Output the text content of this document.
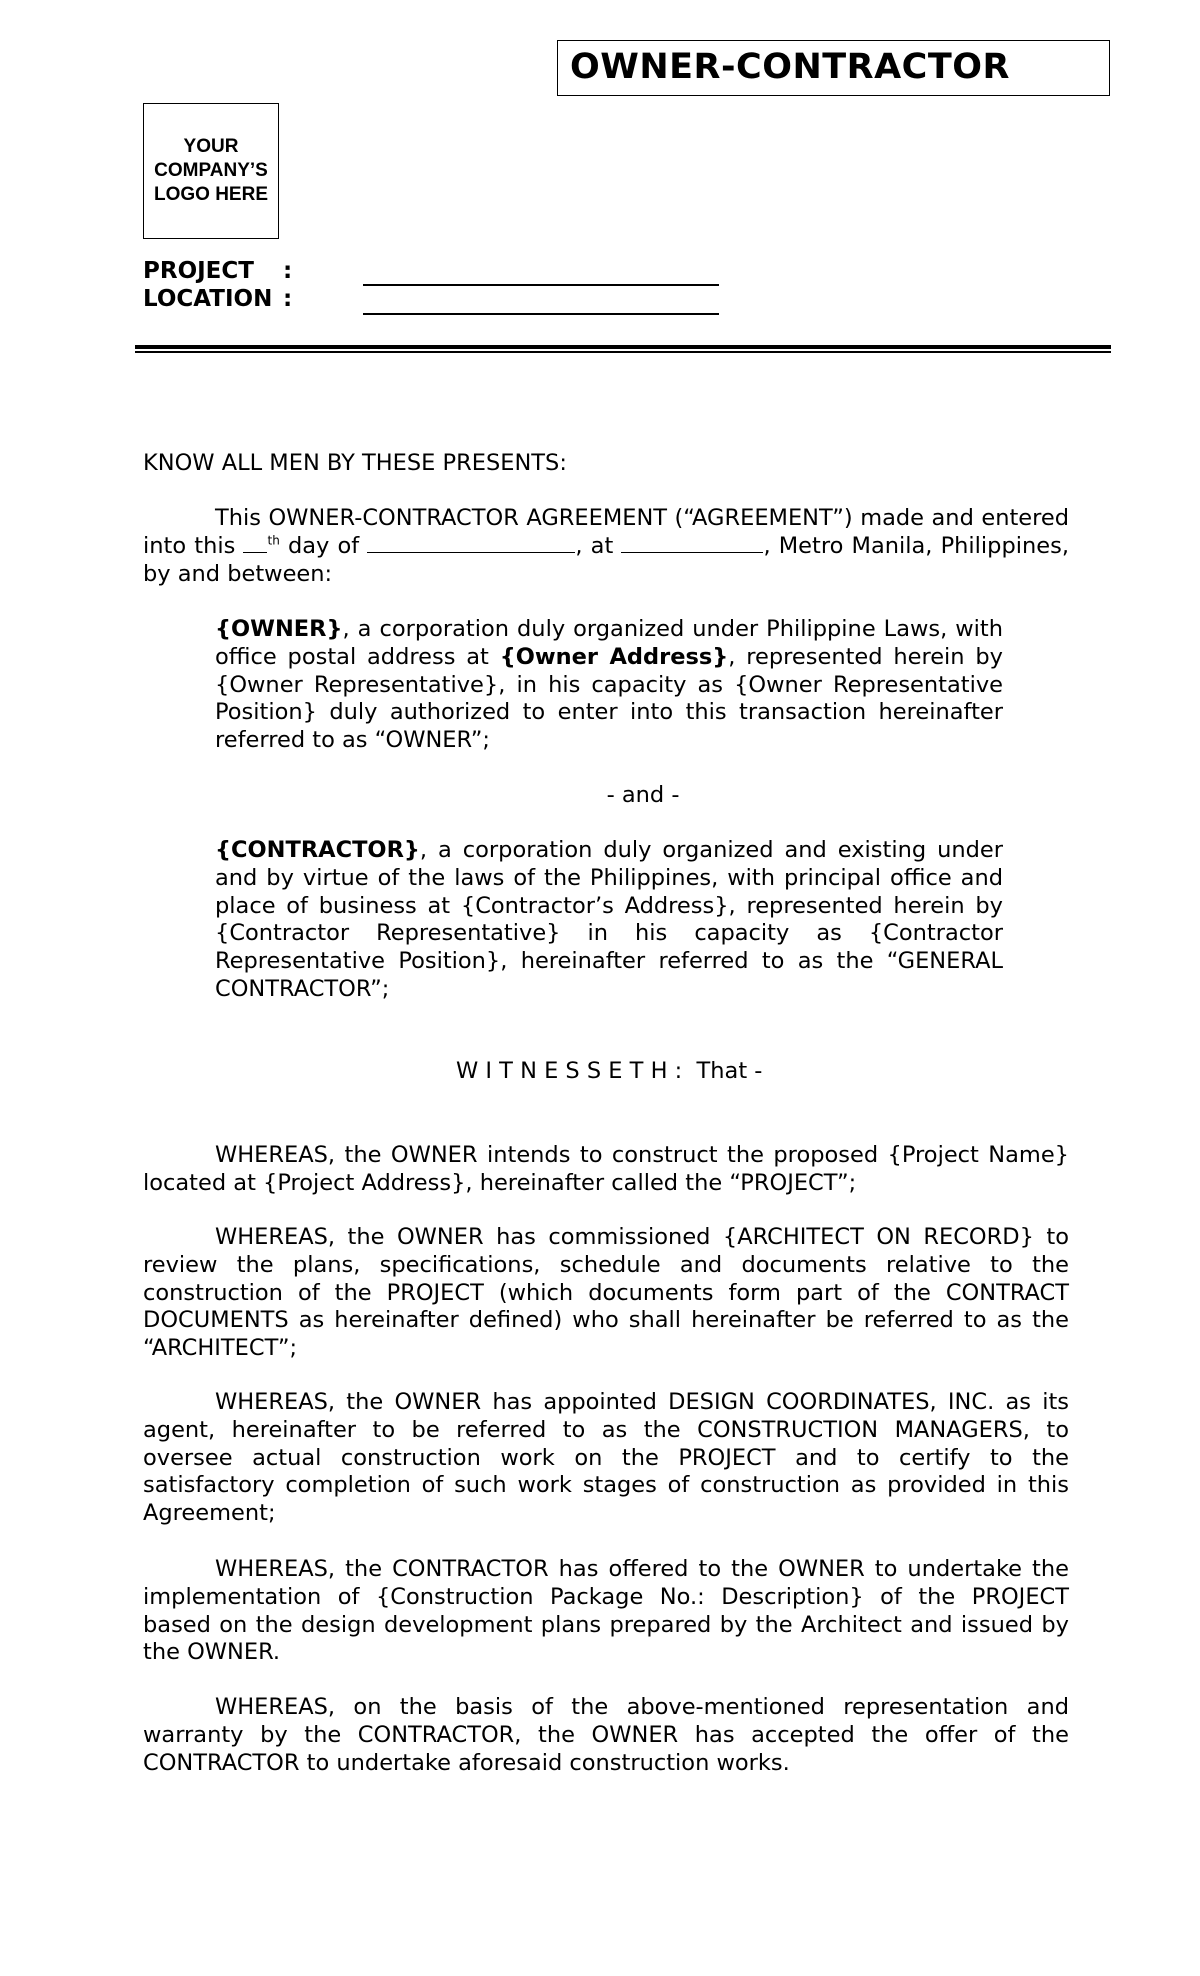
OWNER-CONTRACTOR
YOUR
COMPANY’S
LOGO HERE
PROJECT :
LOCATION :
KNOW ALL MEN BY THESE PRESENTS:
This OWNER-CONTRACTOR AGREEMENT (“AGREEMENT”) made and entered into this $^{th}$ day of	, at	, Metro Manila, Philippines, by and between:
{OWNER}, a corporation duly organized under Philippine Laws, with office postal address at {Owner Address}, represented herein by {Owner Representative}, in his capacity as {Owner Representative Position} duly authorized to enter into this transaction hereinafter referred to as “OWNER”;
- and -
{CONTRACTOR}, a corporation duly organized and existing under and by virtue of the laws of the Philippines, with principal office and place of business at {Contractor’s Address}, represented herein by {Contractor Representative} in his capacity as {Contractor Representative Position}, hereinafter referred to as the “GENERAL CONTRACTOR”;
W I T N E S S E T H :  That -
WHEREAS, the OWNER intends to construct the proposed {Project Name} located at {Project Address}, hereinafter called the “PROJECT”;
WHEREAS, the OWNER has commissioned {ARCHITECT ON RECORD} to review the plans, specifications, schedule and documents relative to the construction of the PROJECT (which documents form part of the CONTRACT DOCUMENTS as hereinafter defined) who shall hereinafter be referred to as the “ARCHITECT”;
WHEREAS, the OWNER has appointed DESIGN COORDINATES, INC. as its agent, hereinafter to be referred to as the CONSTRUCTION MANAGERS, to oversee actual construction work on the PROJECT and to certify to the satisfactory completion of such work stages of construction as provided in this Agreement;
WHEREAS, the CONTRACTOR has offered to the OWNER to undertake the implementation of {Construction Package No.: Description} of the PROJECT based on the design development plans prepared by the Architect and issued by the OWNER.
WHEREAS, on the basis of the above-mentioned representation and warranty by the CONTRACTOR, the OWNER has accepted the offer of the CONTRACTOR to undertake aforesaid construction works.
